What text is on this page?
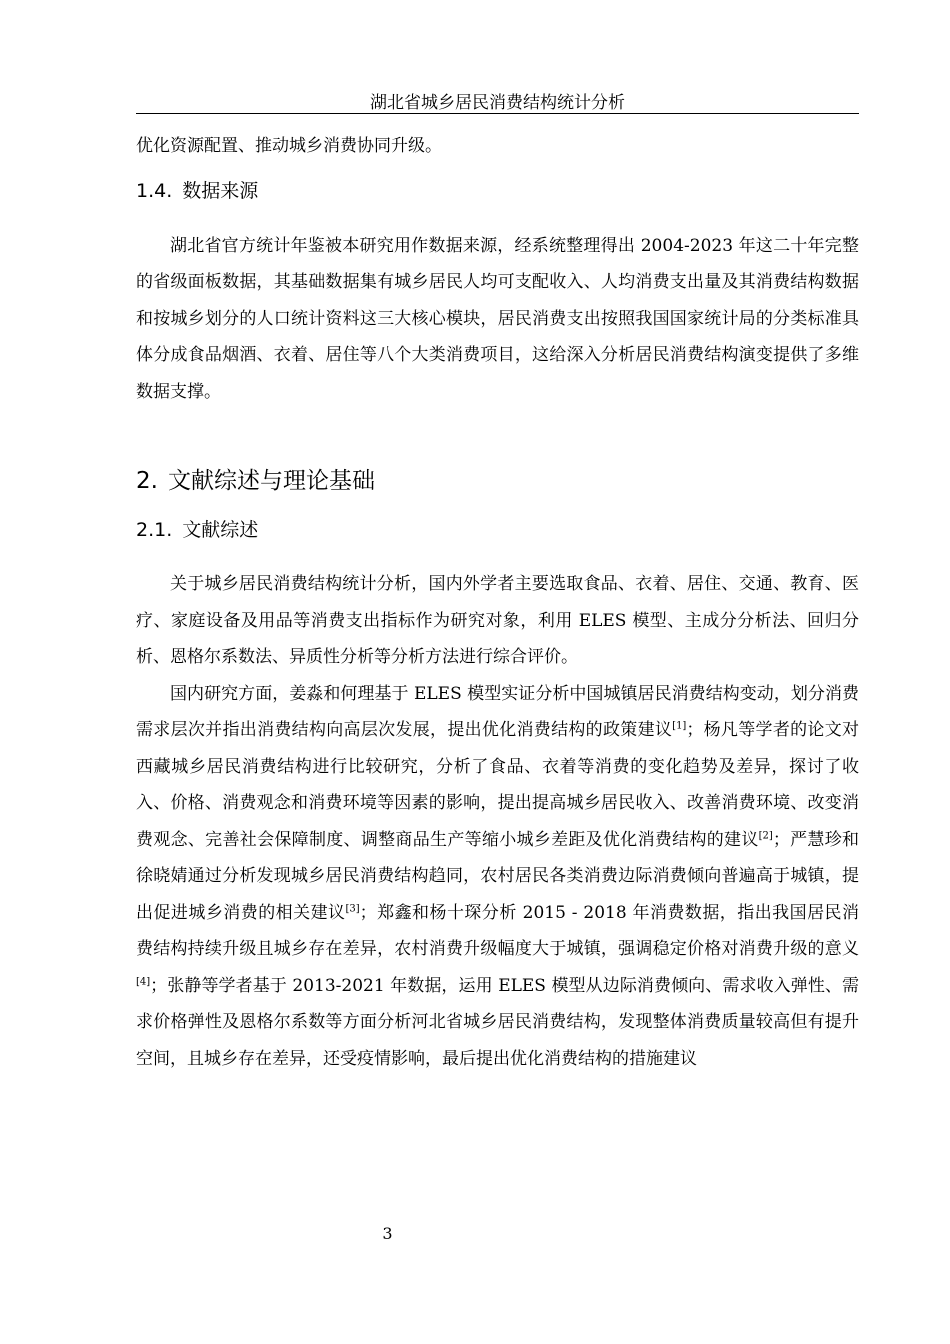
湖北省城乡居民消费结构统计分析

优化资源配置、推动城乡消费协同升级。

1.4. 数据来源

湖北省官方统计年鉴被本研究用作数据来源，经系统整理得出 2004-2023 年这二十年完整的省级面板数据，其基础数据集有城乡居民人均可支配收入、人均消费支出量及其消费结构数据和按城乡划分的人口统计资料这三大核心模块，居民消费支出按照我国国家统计局的分类标准具体分成食品烟酒、衣着、居住等八个大类消费项目，这给深入分析居民消费结构演变提供了多维数据支撑。

2. 文献综述与理论基础
2.1. 文献综述

关于城乡居民消费结构统计分析，国内外学者主要选取食品、衣着、居住、交通、教育、医疗、家庭设备及用品等消费支出指标作为研究对象，利用 ELES 模型、主成分分析法、回归分析、恩格尔系数法、异质性分析等分析方法进行综合评价。

国内研究方面，姜淼和何理基于 ELES 模型实证分析中国城镇居民消费结构变动，划分消费需求层次并指出消费结构向高层次发展，提出优化消费结构的政策建议[1]；杨凡等学者的论文对西藏城乡居民消费结构进行比较研究，分析了食品、衣着等消费的变化趋势及差异，探讨了收入、价格、消费观念和消费环境等因素的影响，提出提高城乡居民收入、改善消费环境、改变消费观念、完善社会保障制度、调整商品生产等缩小城乡差距及优化消费结构的建议[2]；严慧珍和徐晓婧通过分析发现城乡居民消费结构趋同，农村居民各类消费边际消费倾向普遍高于城镇，提出促进城乡消费的相关建议[3]；郑鑫和杨十琛分析 2015 - 2018 年消费数据，指出我国居民消费结构持续升级且城乡存在差异，农村消费升级幅度大于城镇，强调稳定价格对消费升级的意义[4]；张静等学者基于 2013-2021 年数据，运用 ELES 模型从边际消费倾向、需求收入弹性、需求价格弹性及恩格尔系数等方面分析河北省城乡居民消费结构，发现整体消费质量较高但有提升空间，且城乡存在差异，还受疫情影响，最后提出优化消费结构的措施建议

3
